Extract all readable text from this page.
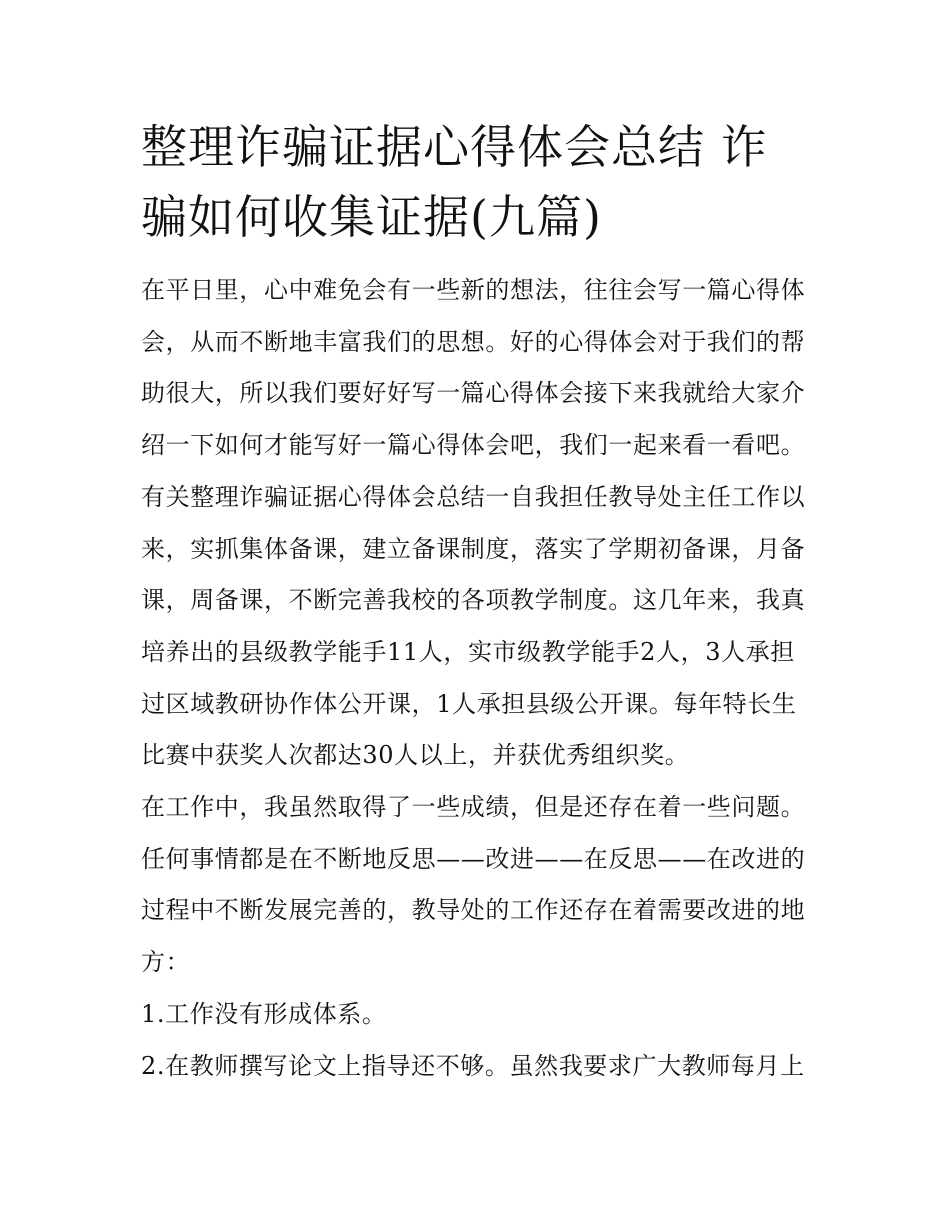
整理诈骗证据心得体会总结 诈
骗如何收集证据(九篇)
在平日里，心中难免会有一些新的想法，往往会写一篇心得体
会，从而不断地丰富我们的思想。好的心得体会对于我们的帮
助很大，所以我们要好好写一篇心得体会接下来我就给大家介
绍一下如何才能写好一篇心得体会吧，我们一起来看一看吧。
有关整理诈骗证据心得体会总结一自我担任教导处主任工作以
来，实抓集体备课，建立备课制度，落实了学期初备课，月备
课，周备课，不断完善我校的各项教学制度。这几年来，我真
培养出的县级教学能手11人，实市级教学能手2人，3人承担
过区域教研协作体公开课，1人承担县级公开课。每年特长生
比赛中获奖人次都达30人以上，并获优秀组织奖。
在工作中，我虽然取得了一些成绩，但是还存在着一些问题。
任何事情都是在不断地反思——改进——在反思——在改进的
过程中不断发展完善的，教导处的工作还存在着需要改进的地
方：
1.工作没有形成体系。
2.在教师撰写论文上指导还不够。虽然我要求广大教师每月上
